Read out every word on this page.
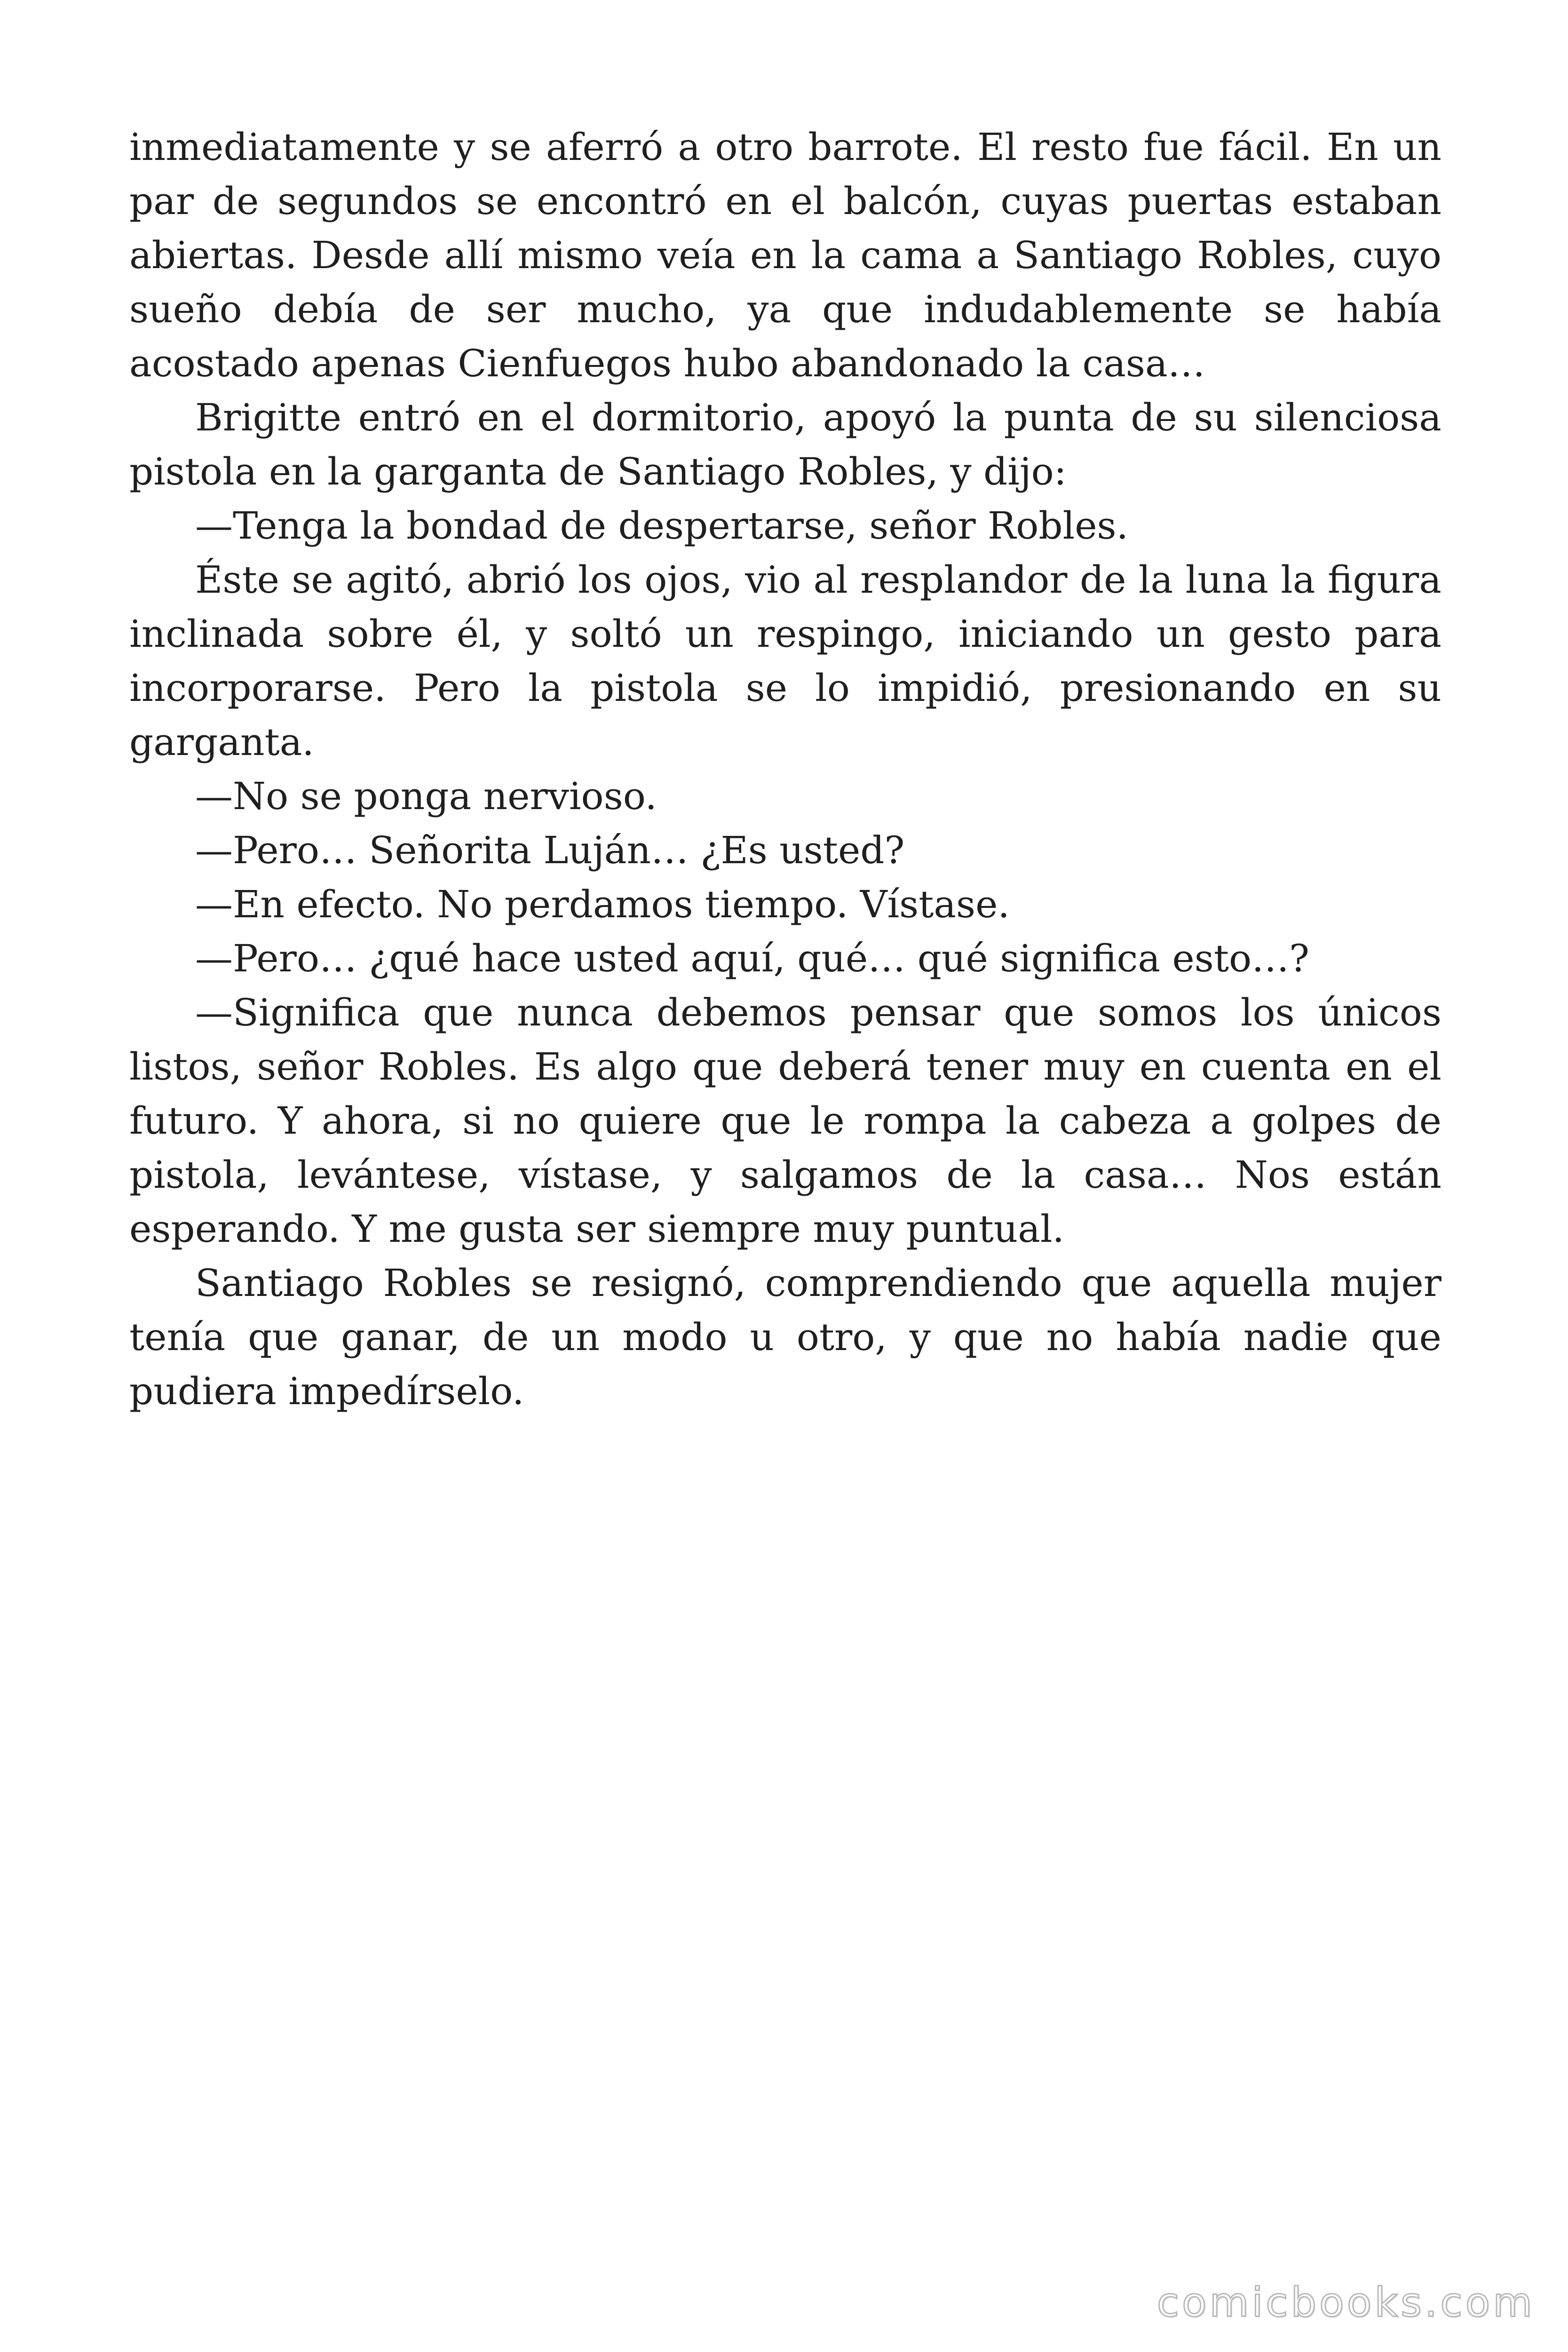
inmediatamente y se aferró a otro barrote. El resto fue fácil. En un par de segundos se encontró en el balcón, cuyas puertas estaban abiertas. Desde allí mismo veía en la cama a Santiago Robles, cuyo sueño debía de ser mucho, ya que indudablemente se había acostado apenas Cienfuegos hubo abandonado la casa…

Brigitte entró en el dormitorio, apoyó la punta de su silenciosa pistola en la garganta de Santiago Robles, y dijo:

—Tenga la bondad de despertarse, señor Robles.

Éste se agitó, abrió los ojos, vio al resplandor de la luna la figura inclinada sobre él, y soltó un respingo, iniciando un gesto para incorporarse. Pero la pistola se lo impidió, presionando en su garganta.

—No se ponga nervioso.

—Pero… Señorita Luján… ¿Es usted?

—En efecto. No perdamos tiempo. Vístase.

—Pero… ¿qué hace usted aquí, qué… qué significa esto…?

—Significa que nunca debemos pensar que somos los únicos listos, señor Robles. Es algo que deberá tener muy en cuenta en el futuro. Y ahora, si no quiere que le rompa la cabeza a golpes de pistola, levántese, vístase, y salgamos de la casa… Nos están esperando. Y me gusta ser siempre muy puntual.

Santiago Robles se resignó, comprendiendo que aquella mujer tenía que ganar, de un modo u otro, y que no había nadie que pudiera impedírselo.

comicbooks.com
